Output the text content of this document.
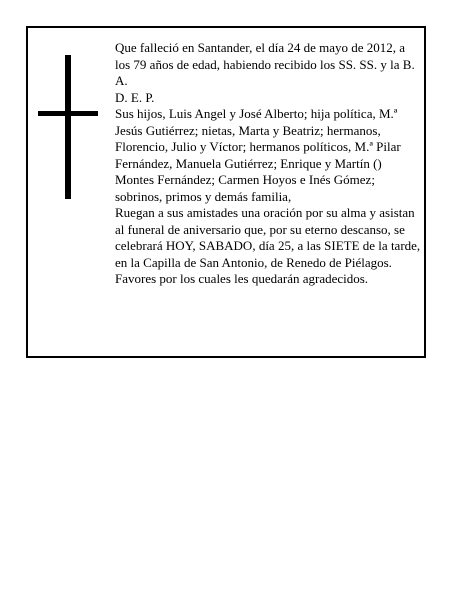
Que falleció en Santander, el día 24 de mayo de 2012, a los 79 años de edad, habiendo recibido los SS. SS. y la B. A.

D. E. P.

Sus hijos, Luis Angel y José Alberto; hija política, M.ª Jesús Gutiérrez; nietas, Marta y Beatriz; hermanos, Florencio, Julio y Víctor; hermanos políticos, M.ª Pilar Fernández, Manuela Gutiérrez; Enrique y Martín () Montes Fernández; Carmen Hoyos e Inés Gómez; sobrinos, primos y demás familia,

Ruegan a sus amistades una oración por su alma y asistan al funeral de aniversario que, por su eterno descanso, se celebrará HOY, SABADO, día 25, a las SIETE de la tarde, en la Capilla de San Antonio, de Renedo de Piélagos. Favores por los cuales les quedarán agradecidos.
